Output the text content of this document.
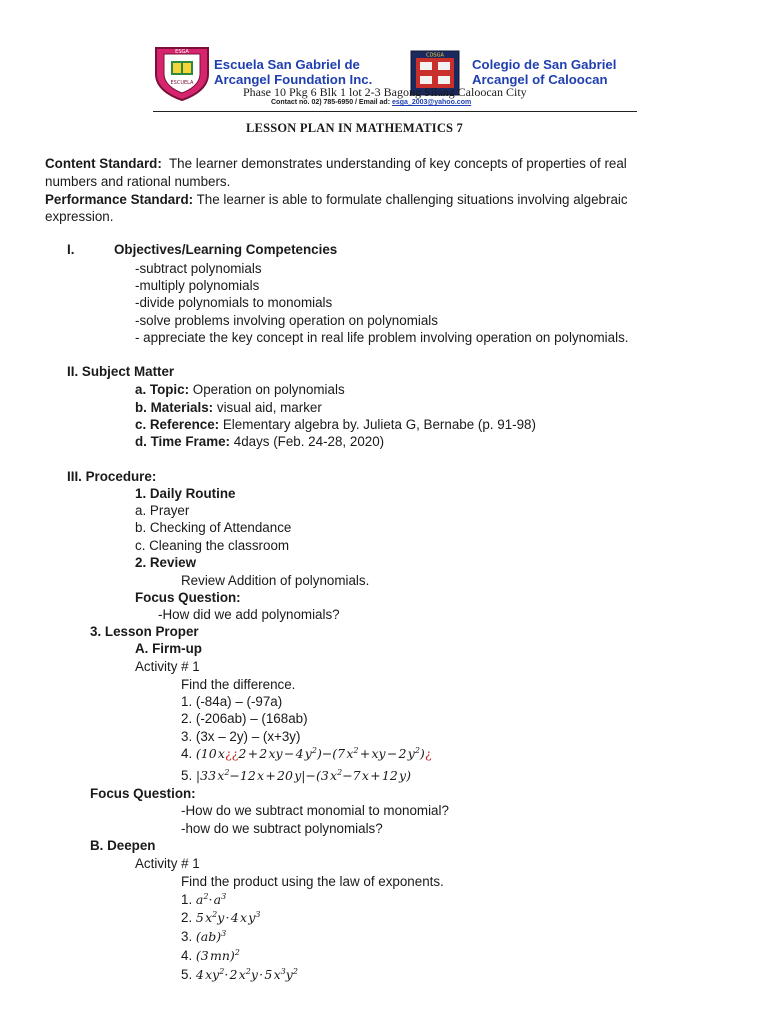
ESCUELA
ESGA
Escuela San Gabriel de
Arcangel Foundation Inc.
CDSGA
Colegio de San Gabriel
Arcangel of Caloocan
Phase 10 Pkg 6 Blk 1 lot 2-3 Bagong Silang Caloocan City
Contact no. 02) 785-6950 / Email ad: esga_2003@yahoo.com
LESSON PLAN IN MATHEMATICS 7
Content Standard: The learner demonstrates understanding of key concepts of properties of real
numbers and rational numbers.
Performance Standard: The learner is able to formulate challenging situations involving algebraic
expression.
I.	Objectives/Learning Competencies
-subtract polynomials
-multiply polynomials
-divide polynomials to monomials
-solve problems involving operation on polynomials
- appreciate the key concept in real life problem involving operation on polynomials.
II. Subject Matter
a. Topic: Operation on polynomials
b. Materials: visual aid, marker
c. Reference: Elementary algebra by. Julieta G, Bernabe (p. 91-98)
d. Time Frame: 4days (Feb. 24-28, 2020)
III. Procedure:
1. Daily Routine
a. Prayer
b. Checking of Attendance
c. Cleaning the classroom
2. Review
Review Addition of polynomials.
Focus Question:
-How did we add polynomials?
3. Lesson Proper
A. Firm-up
Activity # 1
Find the difference.
1. (-84a) – (-97a)
2. (-206ab) – (168ab)
3. (3x – 2y) – (x+3y)
4. (10 x¿¿2 + 2 xy − 4 $y^2)-(7$ $x^2$ + xy − 2 $y^2)¿$
5. |33 $x^2-12$ x + 20 y|−(3 $x^2-7$ x + 12 y)
Focus Question:
-How do we subtract monomial to monomial?
-how do we subtract polynomials?
B. Deepen
Activity # 1
Find the product using the law of exponents.
1. $a^2\cdot$ $a^3$
2. 5 $x^2y$ · 4 x $y^3$
3. (ab)$^3$
4. (3 mn)$^2$
5. 4 $xy^2\cdot$ 2 $x^2y$ · 5 $x^3y^2$
